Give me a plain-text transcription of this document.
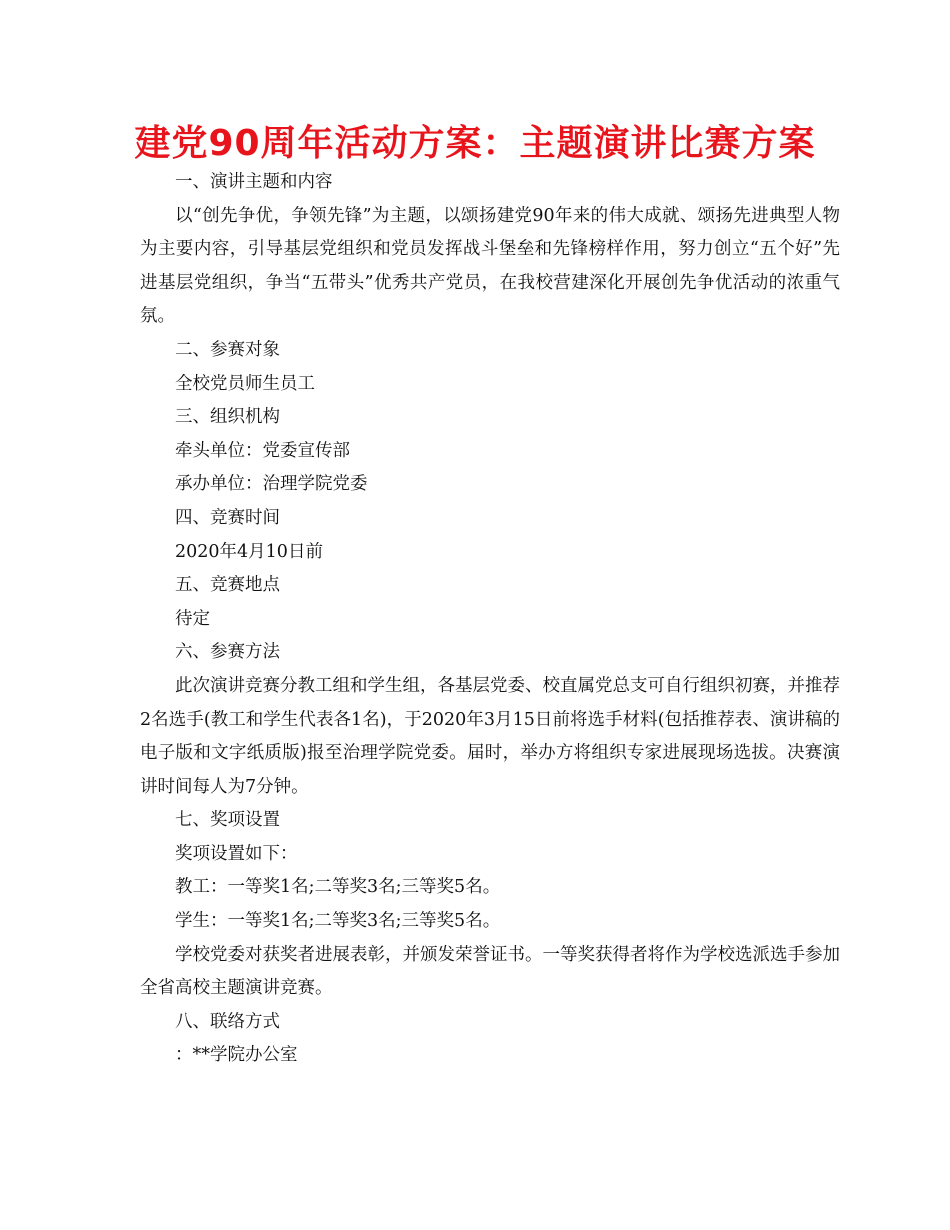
建党90周年活动方案：主题演讲比赛方案
一、演讲主题和内容
以“创先争优，争领先锋”为主题，以颂扬建党90年来的伟大成就、颂扬先进典型人物为主要内容，引导基层党组织和党员发挥战斗堡垒和先锋榜样作用，努力创立“五个好”先进基层党组织，争当“五带头”优秀共产党员，在我校营建深化开展创先争优活动的浓重气氛。
二、参赛对象
全校党员师生员工
三、组织机构
牵头单位：党委宣传部
承办单位：治理学院党委
四、竞赛时间
2020年4月10日前
五、竞赛地点
待定
六、参赛方法
此次演讲竞赛分教工组和学生组，各基层党委、校直属党总支可自行组织初赛，并推荐2名选手(教工和学生代表各1名)，于2020年3月15日前将选手材料(包括推荐表、演讲稿的电子版和文字纸质版)报至治理学院党委。届时，举办方将组织专家进展现场选拔。决赛演讲时间每人为7分钟。
七、奖项设置
奖项设置如下：
教工：一等奖1名;二等奖3名;三等奖5名。
学生：一等奖1名;二等奖3名;三等奖5名。
学校党委对获奖者进展表彰，并颁发荣誉证书。一等奖获得者将作为学校选派选手参加全省高校主题演讲竞赛。
八、联络方式
：**学院办公室
